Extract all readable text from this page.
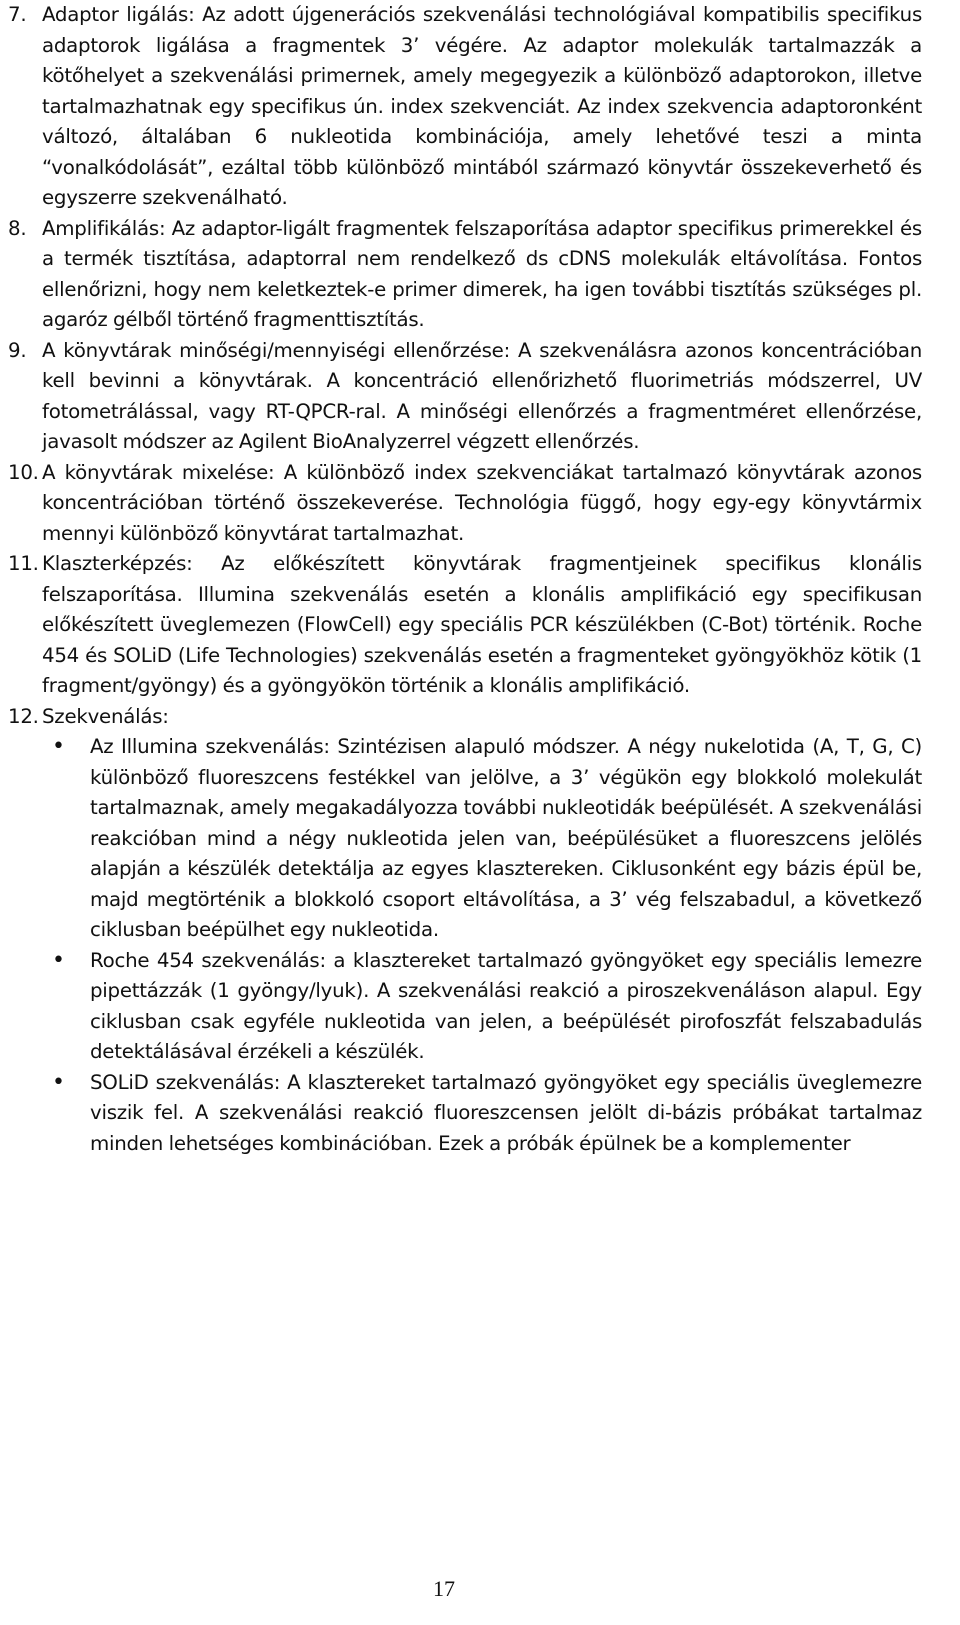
7. Adaptor ligálás: Az adott újgenerációs szekvenálási technológiával kompatibilis specifikus adaptorok ligálása a fragmentek 3’ végére. Az adaptor molekulák tartalmazzák a kötőhelyet a szekvenálási primernek, amely megegyezik a különböző adaptorokon, illetve tartalmazhatnak egy specifikus ún. index szekvenciát. Az index szekvencia adaptoronként változó, általában 6 nukleotida kombinációja, amely lehetővé teszi a minta “vonalkódolását”, ezáltal több különböző mintából származó könyvtár összekeverhető és egyszerre szekvenálható.
8. Amplifikálás: Az adaptor-ligált fragmentek felszaporítása adaptor specifikus primerekkel és a termék tisztítása, adaptorral nem rendelkező ds cDNS molekulák eltávolítása. Fontos ellenőrizni, hogy nem keletkeztek-e primer dimerek, ha igen további tisztítás szükséges pl. agaróz gélből történő fragmenttisztítás.
9. A könyvtárak minőségi/mennyiségi ellenőrzése: A szekvenálásra azonos koncentrációban kell bevinni a könyvtárak. A koncentráció ellenőrizhető fluorimetriás módszerrel, UV fotometrálással, vagy RT-QPCR-ral. A minőségi ellenőrzés a fragmentméret ellenőrzése, javasolt módszer az Agilent BioAnalyzerrel végzett ellenőrzés.
10. A könyvtárak mixelése: A különböző index szekvenciákat tartalmazó könyvtárak azonos koncentrációban történő összekeverése. Technológia függő, hogy egy-egy könyvtármix mennyi különböző könyvtárat tartalmazhat.
11. Klaszterképzés: Az előkészített könyvtárak fragmentjeinek specifikus klonális felszaporítása. Illumina szekvenálás esetén a klonális amplifikáció egy specifikusan előkészített üveglemezen (FlowCell) egy speciális PCR készülékben (C-Bot) történik. Roche 454 és SOLiD (Life Technologies) szekvenálás esetén a fragmenteket gyöngyökhöz kötik (1 fragment/gyöngy) és a gyöngyökön történik a klonális amplifikáció.
12. Szekvenálás:
• Az Illumina szekvenálás: Szintézisen alapuló módszer. A négy nukelotida (A, T, G, C) különböző fluoreszcens festékkel van jelölve, a 3’ végükön egy blokkoló molekulát tartalmaznak, amely megakadályozza további nukleotidák beépülését. A szekvenálási reakcióban mind a négy nukleotida jelen van, beépülésüket a fluoreszcens jelölés alapján a készülék detektálja az egyes klasztereken. Ciklusonként egy bázis épül be, majd megtörténik a blokkoló csoport eltávolítása, a 3’ vég felszabadul, a következő ciklusban beépülhet egy nukleotida.
• Roche 454 szekvenálás: a klasztereket tartalmazó gyöngyöket egy speciális lemezre pipettázzák (1 gyöngy/lyuk). A szekvenálási reakció a piroszekvenáláson alapul. Egy ciklusban csak egyféle nukleotida van jelen, a beépülését pirofoszfát felszabadulás detektálásával érzékeli a készülék.
• SOLiD szekvenálás: A klasztereket tartalmazó gyöngyöket egy speciális üveglemezre viszik fel. A szekvenálási reakció fluoreszcensen jelölt di-bázis próbákat tartalmaz minden lehetséges kombinációban. Ezek a próbák épülnek be a komplementer
17
